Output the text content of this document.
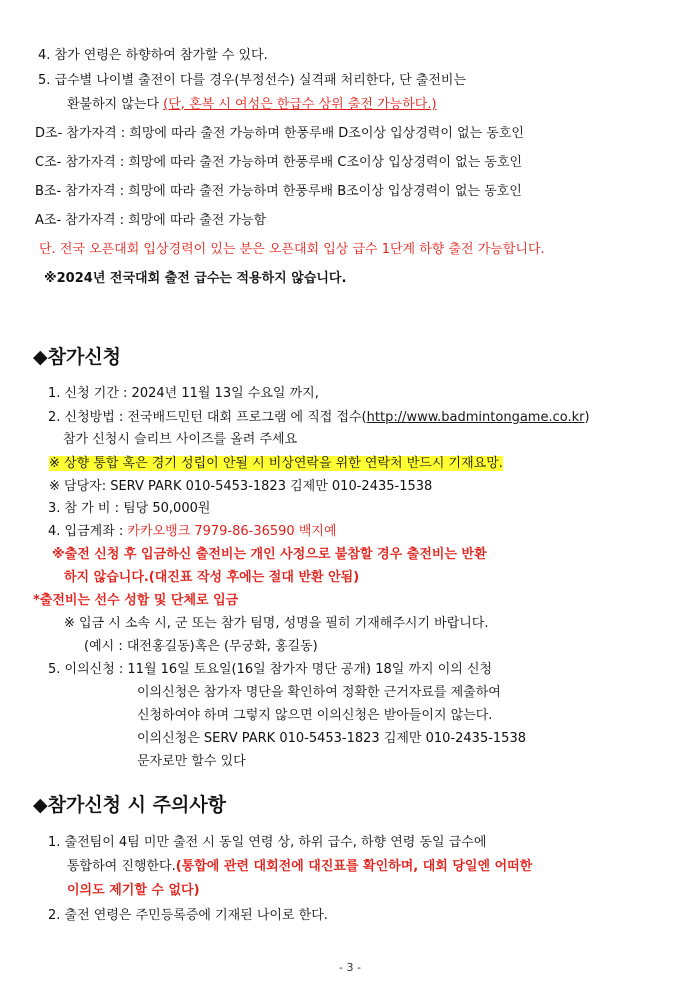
4. 참가 연령은 하향하여 참가할 수 있다.
5. 급수별 나이별 출전이 다를 경우(부정선수) 실격패 처리한다, 단 출전비는
환불하지 않는다 (단, 혼복 시 여성은 한급수 상위 출전 가능하다.)
D조- 참가자격 : 희망에 따라 출전 가능하며 한풍루배 D조이상 입상경력이 없는 동호인
C조- 참가자격 : 희망에 따라 출전 가능하며 한풍루배 C조이상 입상경력이 없는 동호인
B조- 참가자격 : 희망에 따라 출전 가능하며 한풍루배 B조이상 입상경력이 없는 동호인
A조- 참가자격 : 희망에 따라 출전 가능함
단. 전국 오픈대회 입상경력이 있는 분은 오픈대회 입상 급수 1단계 하향 출전 가능합니다.
※2024년 전국대회 출전 급수는 적용하지 않습니다.
◆참가신청
1. 신청 기간 : 2024년 11월 13일 수요일 까지,
2. 신청방법 : 전국배드민턴 대회 프로그램 에 직접 접수(http://www.badmintongame.co.kr)
참가 신청시 슬리브 사이즈를 올려 주세요
※ 상향 통합 혹은 경기 성립이 안될 시 비상연락을 위한 연락처 반드시 기재요망.
※ 담당자: SERV PARK 010-5453-1823 김제만 010-2435-1538
3. 참 가 비 : 팀당 50,000원
4. 입금계좌 : 카카오뱅크 7979-86-36590 백지예
※출전 신청 후 입금하신 출전비는 개인 사정으로 불참할 경우 출전비는 반환
하지 않습니다.(대진표 작성 후에는 절대 반환 안됨)
*출전비는 선수 성함 및 단체로 입금
※ 입금 시 소속 시, 군 또는 참가 팀명, 성명을 필히 기재해주시기 바랍니다.
(예시 : 대전홍길동)혹은 (무궁화, 홍길동)
5. 이의신청 : 11월 16일 토요일(16일 참가자 명단 공개) 18일 까지 이의 신청
이의신청은 참가자 명단을 확인하여 정확한 근거자료를 제출하여
신청하여야 하며 그렇지 않으면 이의신청은 받아들이지 않는다.
이의신청은 SERV PARK 010-5453-1823 김제만 010-2435-1538
문자로만 할수 있다
◆참가신청 시 주의사항
1. 출전팀이 4팀 미만 출전 시 동일 연령 상, 하위 급수, 하향 연령 동일 급수에
통합하여 진행한다.(통합에 관련 대회전에 대진표를 확인하며, 대회 당일엔 어떠한
이의도 제기할 수 없다)
2. 출전 연령은 주민등록증에 기재된 나이로 한다.
- 3 -
